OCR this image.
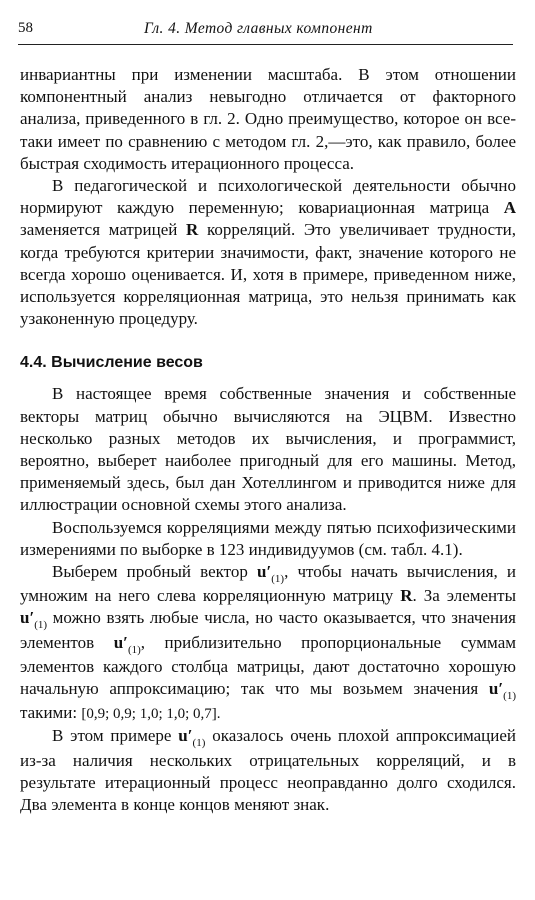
58	Гл. 4. Метод главных компонент

инвариантны при изменении масштаба. В этом отношении компонентный анализ невыгодно отличается от факторного анализа, приведенного в гл. 2. Одно преимущество, которое он все-таки имеет по сравнению с методом гл. 2,—это, как правило, более быстрая сходимость итерационного процесса.

В педагогической и психологической деятельности обычно нормируют каждую переменную; ковариационная матрица A заменяется матрицей R корреляций. Это увеличивает трудности, когда требуются критерии значимости, факт, значение которого не всегда хорошо оценивается. И, хотя в примере, приведенном ниже, используется корреляционная матрица, это нельзя принимать как узаконенную процедуру.

4.4. Вычисление весов

В настоящее время собственные значения и собственные векторы матриц обычно вычисляются на ЭЦВМ. Известно несколько разных методов их вычисления, и программист, вероятно, выберет наиболее пригодный для его машины. Метод, применяемый здесь, был дан Хотеллингом и приводится ниже для иллюстрации основной схемы этого анализа.

Воспользуемся корреляциями между пятью психофизическими измерениями по выборке в 123 индивидуумов (см. табл. 4.1).

Выберем пробный вектор $u'_{(1)}$, чтобы начать вычисления, и умножим на него слева корреляционную матрицу R. За элементы $u'_{(1)}$ можно взять любые числа, но часто оказывается, что значения элементов $u'_{(1)}$, приблизительно пропорциональные суммам элементов каждого столбца матрицы, дают достаточно хорошую начальную аппроксимацию; так что мы возьмем значения $u'_{(1)}$ такими: [0,9; 0,9; 1,0; 1,0; 0,7].

В этом примере $u'_{(1)}$ оказалось очень плохой аппроксимацией из-за наличия нескольких отрицательных корреляций, и в результате итерационный процесс неоправданно долго сходился. Два элемента в конце концов меняют знак.
